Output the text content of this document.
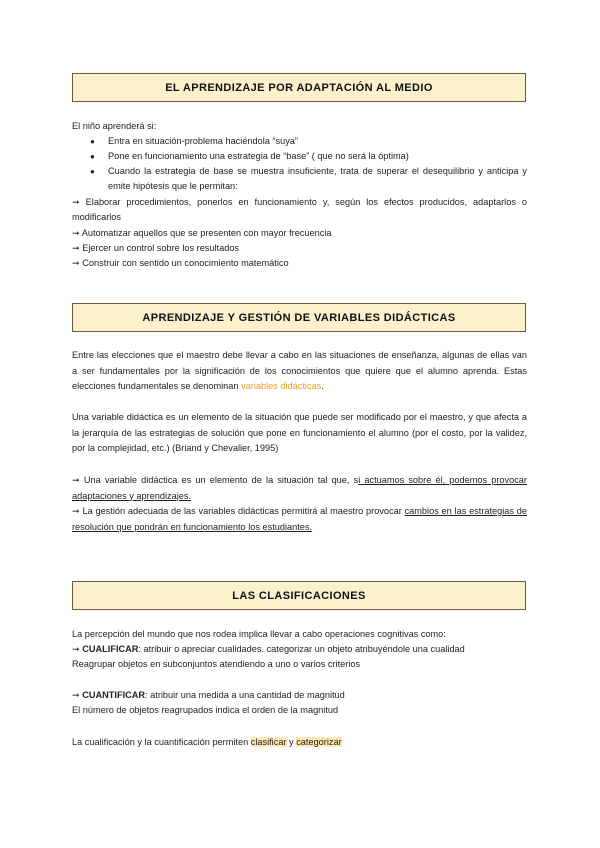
EL APRENDIZAJE POR ADAPTACIÓN AL MEDIO
El niño aprenderá si:
● Entra en situación-problema haciéndola “suya”
● Pone en funcionamiento una estrategia de “base” ( que no será la óptima)
● Cuando la estrategia de base se muestra insuficiente, trata de superar el desequilibrio y anticipa y emite hipótesis que le permitan:
➞ Elaborar procedimientos, ponerlos en funcionamiento y, según los efectos producidos, adaptarlos o modificarlos
➞ Automatizar aquellos que se presenten con mayor frecuencia
➞ Ejercer un control sobre los resultados
➞ Construir con sentido un conocimiento matemático
APRENDIZAJE Y GESTIÓN DE VARIABLES DIDÁCTICAS
Entre las elecciones que el maestro debe llevar a cabo en las situaciones de enseñanza, algunas de ellas van a ser fundamentales por la significación de los conocimientos que quiere que el alumno aprenda. Estas elecciones fundamentales se denominan variables didácticas.
Una variable didáctica es un elemento de la situación que puede ser modificado por el maestro, y que afecta a la jerarquía de las estrategias de solución que pone en funcionamiento el alumno (por el costo, por la validez, por la complejidad, etc.) (Briand y Chevalier, 1995)
➞ Una variable didáctica es un elemento de la situación tal que, si actuamos sobre él, podemos provocar adaptaciones y aprendizajes.
➞ La gestión adecuada de las variables didácticas permitirá al maestro provocar cambios en las estrategias de resolución que pondrán en funcionamiento los estudiantes.
LAS CLASIFICACIONES
La percepción del mundo que nos rodea implica llevar a cabo operaciones cognitivas como:
➞ CUALIFICAR: atribuir o apreciar cualidades. categorizar un objeto atribuyéndole una cualidad
Reagrupar objetos en subconjuntos atendiendo a uno o varios criterios
➞ CUANTIFICAR: atribuir una medida a una cantidad de magnitud
El número de objetos reagrupados indica el orden de la magnitud
La cualificación y la cuantificación permiten clasificar y categorizar
